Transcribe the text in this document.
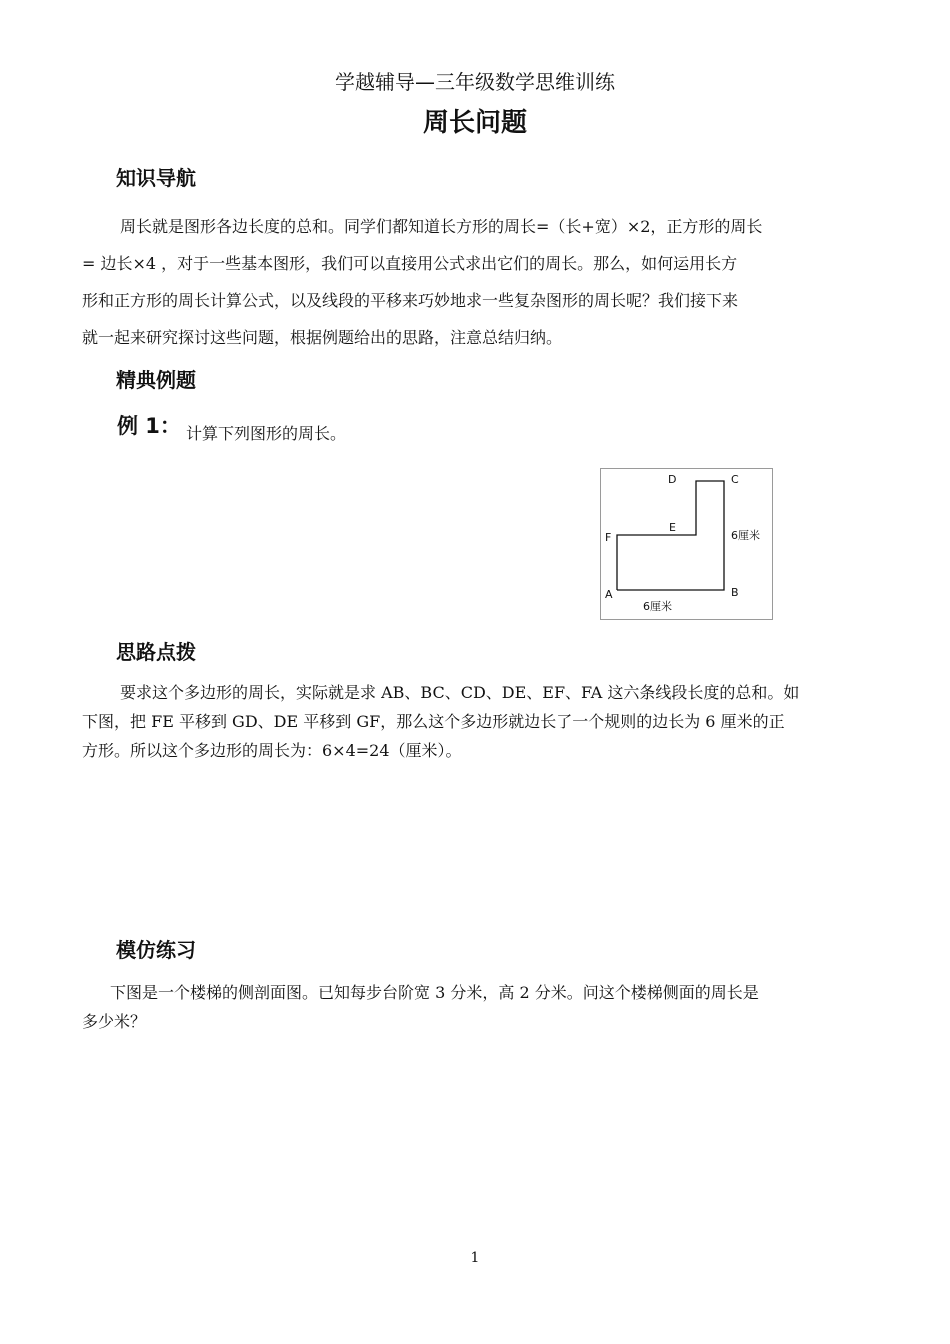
学越辅导—三年级数学思维训练
周长问题
知识导航
周长就是图形各边长度的总和。同学们都知道长方形的周长=（长+宽）×2，正方形的周长
= 边长×4 ，对于一些基本图形，我们可以直接用公式求出它们的周长。那么，如何运用长方
形和正方形的周长计算公式，以及线段的平移来巧妙地求一些复杂图形的周长呢？我们接下来
就一起来研究探讨这些问题，根据例题给出的思路，注意总结归纳。
精典例题
例 1： 计算下列图形的周长。
D	C
E
F
A	B
6厘米
6厘米
思路点拨
要求这个多边形的周长，实际就是求 AB、BC、CD、DE、EF、FA 这六条线段长度的总和。如
下图，把 FE 平移到 GD、DE 平移到 GF，那么这个多边形就边长了一个规则的边长为 6 厘米的正
方形。所以这个多边形的周长为：6×4=24（厘米）。
模仿练习
下图是一个楼梯的侧剖面图。已知每步台阶宽 3 分米，高 2 分米。问这个楼梯侧面的周长是
多少米？
1
